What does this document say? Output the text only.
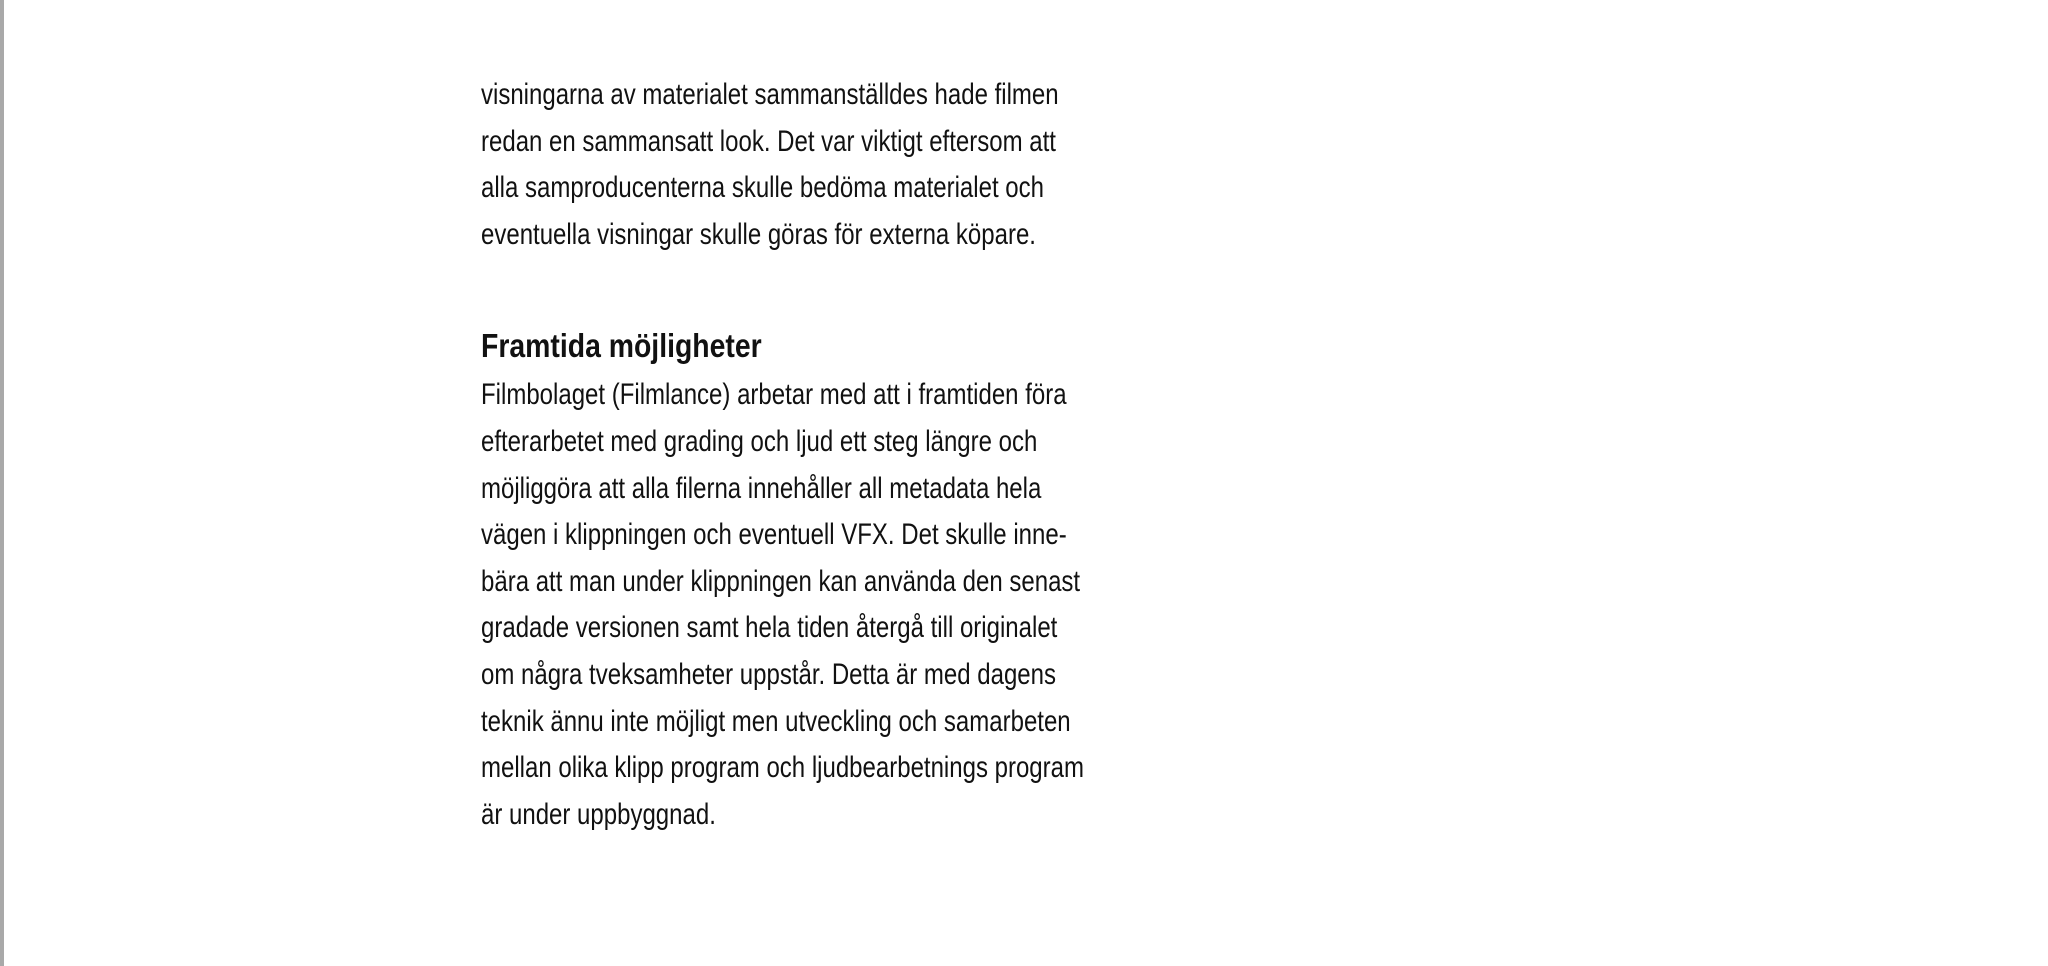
visningarna av materialet sammanställdes hade filmen
redan en sammansatt look. Det var viktigt eftersom att
alla samproducenterna skulle bedöma materialet och
eventuella visningar skulle göras för externa köpare.

Framtida möjligheter

Filmbolaget (Filmlance) arbetar med att i framtiden föra
efterarbetet med grading och ljud ett steg längre och
möjliggöra att alla filerna innehåller all metadata hela
vägen i klippningen och eventuell VFX. Det skulle inne-
bära att man under klippningen kan använda den senast
gradade versionen samt hela tiden återgå till originalet
om några tveksamheter uppstår. Detta är med dagens
teknik ännu inte möjligt men utveckling och samarbeten
mellan olika klipp program och ljudbearbetnings program
är under uppbyggnad.
